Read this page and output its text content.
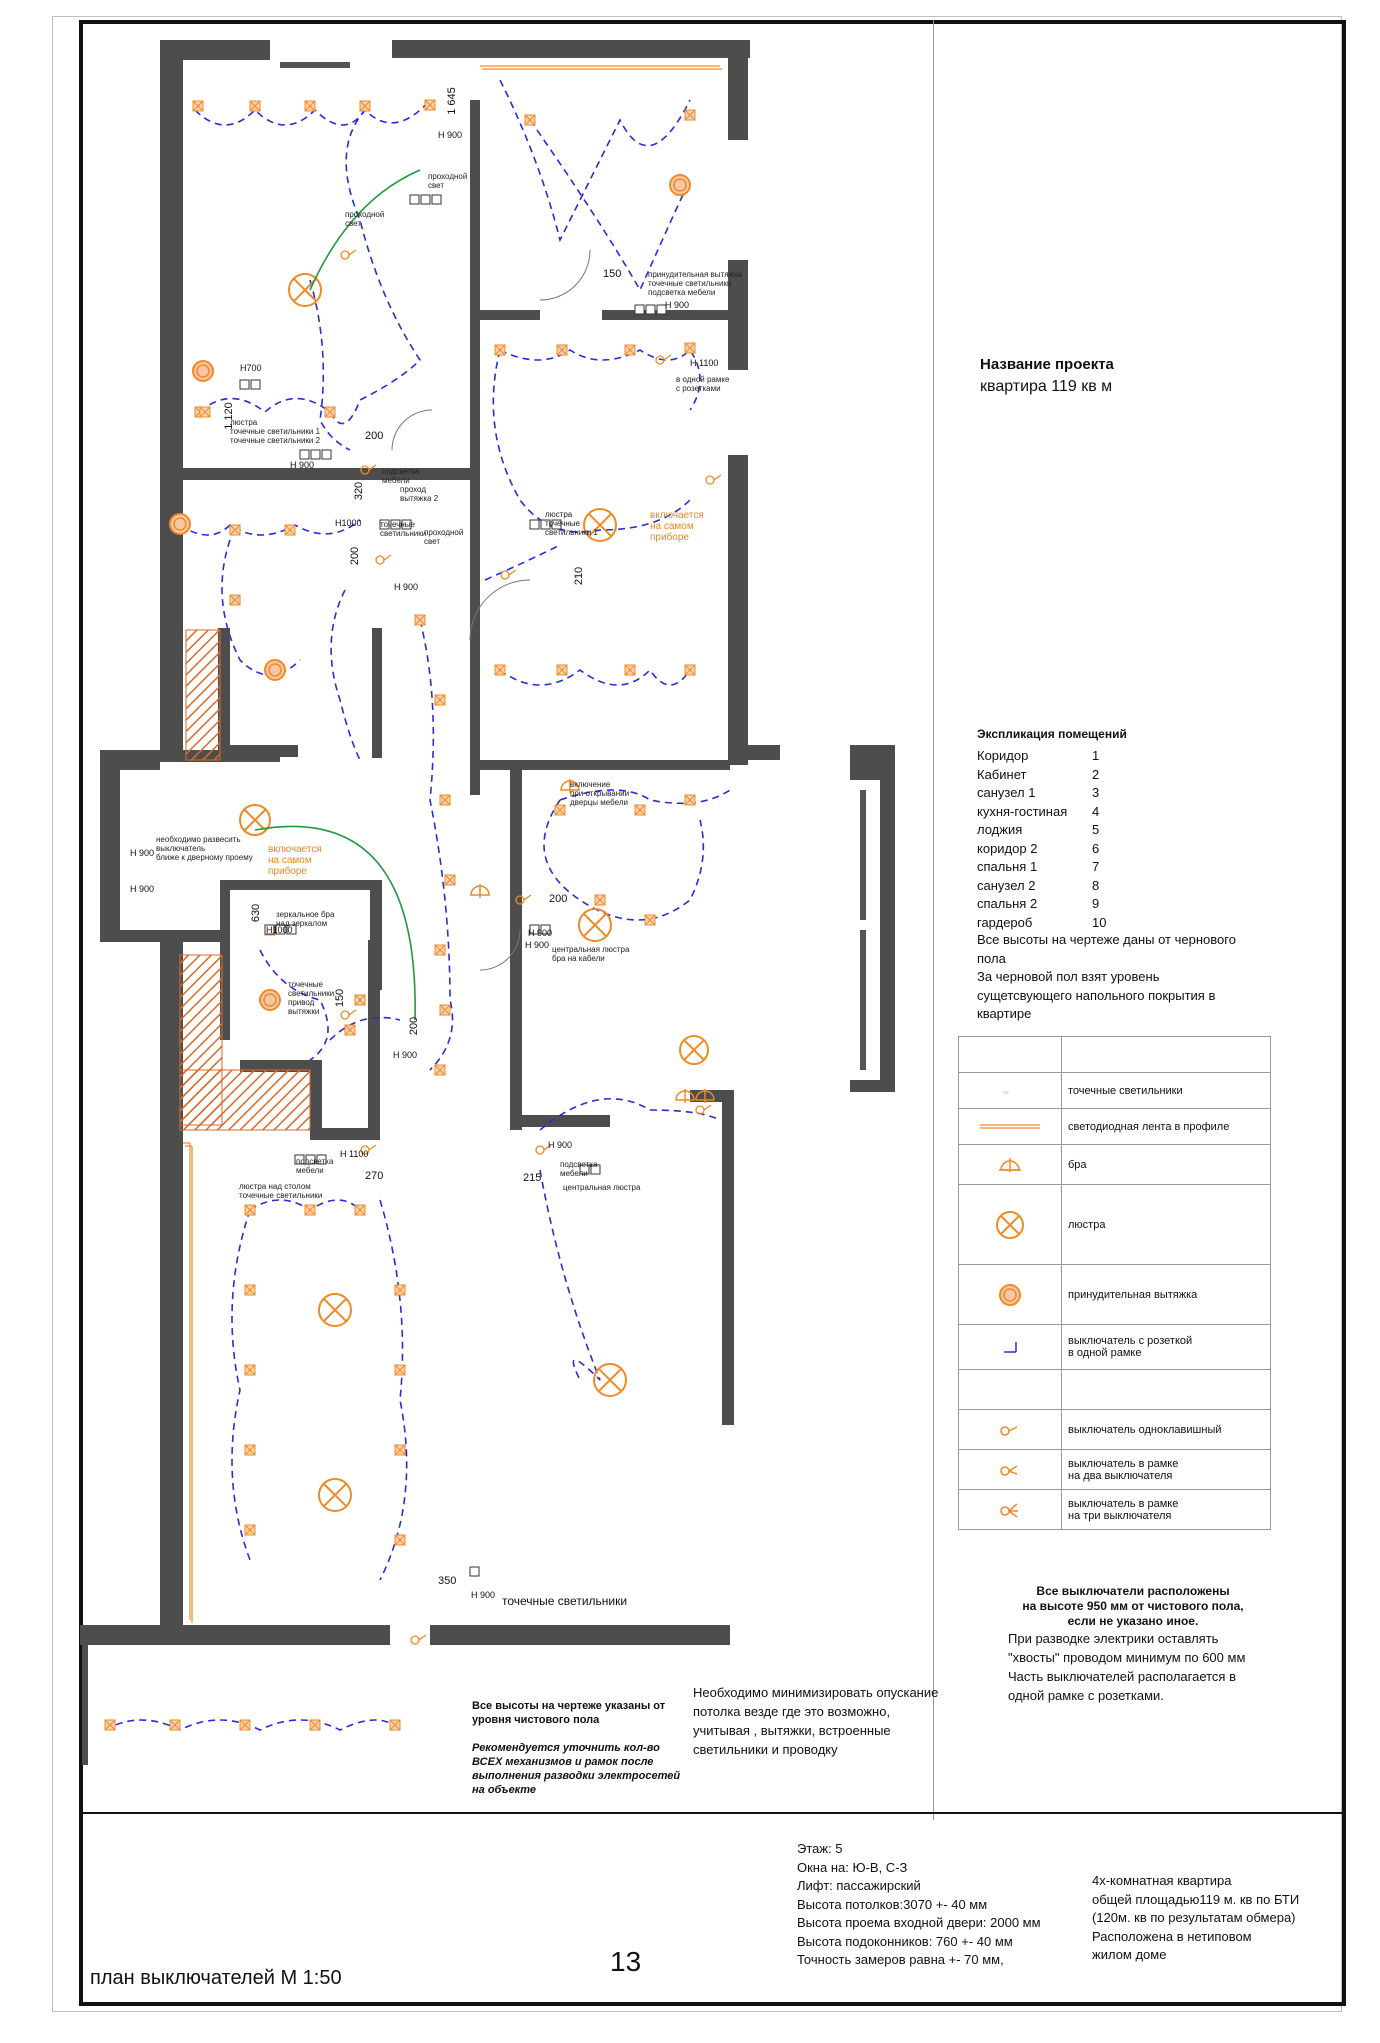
1 645
Н 900
150
Н 900
Н 1100
Н700
1 120
200
Н 900
320
Н1000
200
Н 900
210
Н 900
630
Н1000
150
200
Н 900
200
Н 900
Н 900
215
Н 1100
270
350
Н 900
Н 900
Н 900
включается
на самом
приборе
включается
на самом
приборе
проходной
свет
проходной
свет
принудительная вытяжка
точечные светильники
подсветка мебели
в одной рамке
с розетками
люстра
точечные светильники 1
точечные светильники 2
подсветка
мебели
проход
вытяжка 2
точечные
светильники
проходной
свет
люстра
точечные
светильники 1
включение
при открывании
дверцы мебели
центральная люстра
бра на кабели
необходимо развесить
выключатель
ближе к дверному проему
зеркальное бра
над зеркалом
точечные
светильники
привод
вытяжки
подсветка
мебели
люстра над столом
точечные светильники
подсветка
мебели
центральная люстра
точечные светильники
Название проекта
квартира 119 кв м
Экспликация помещений
Коридор	1
Кабинет	2
санузел 1	3
кухня-гостиная	4
лоджия	5
коридор 2	6
спальня 1	7
санузел 2	8
спальня 2	9
гардероб	10
Все высоты на чертеже даны от чернового пола
За черновой пол взят уровень сущетсвующего напольного покрытия в квартире

∞	точечные светильники

	светодиодная лента в профиле

	бра

	люстра

	принудительная вытяжка

	выключатель с розеткой
в одной рамке

	выключатель одноклавишный

	выключатель в рамке
на два выключателя

	выключатель в рамке
на три выключателя
Все выключатели расположены
на высоте 950 мм от чистового пола,
если не указано иное.
При разводке электрики оставлять "хвосты" проводом минимум по 600 мм
Часть выключателей располагается в одной рамке с розетками.

Все высоты на чертеже указаны от уровня чистового пола

Рекомендуется уточнить кол-во ВСЕХ механизмов и рамок после выполнения разводки электросетей на объекте

Необходимо минимизировать опускание потолка везде где это возможно, учитывая , вытяжки, встроенные светильники и проводку
Этаж: 5
Окна на: Ю-В, С-З
Лифт: пассажирский
Высота потолков:3070 +- 40 мм
Высота проема входной двери: 2000 мм
Высота подоконников: 760 +- 40 мм
Точность замеров равна +- 70 мм,
4х-комнатная квартира
общей площадью119 м. кв по БТИ
(120м. кв по результатам обмера)
Расположена в нетиповом
жилом доме
план выключателей М 1:50
13
